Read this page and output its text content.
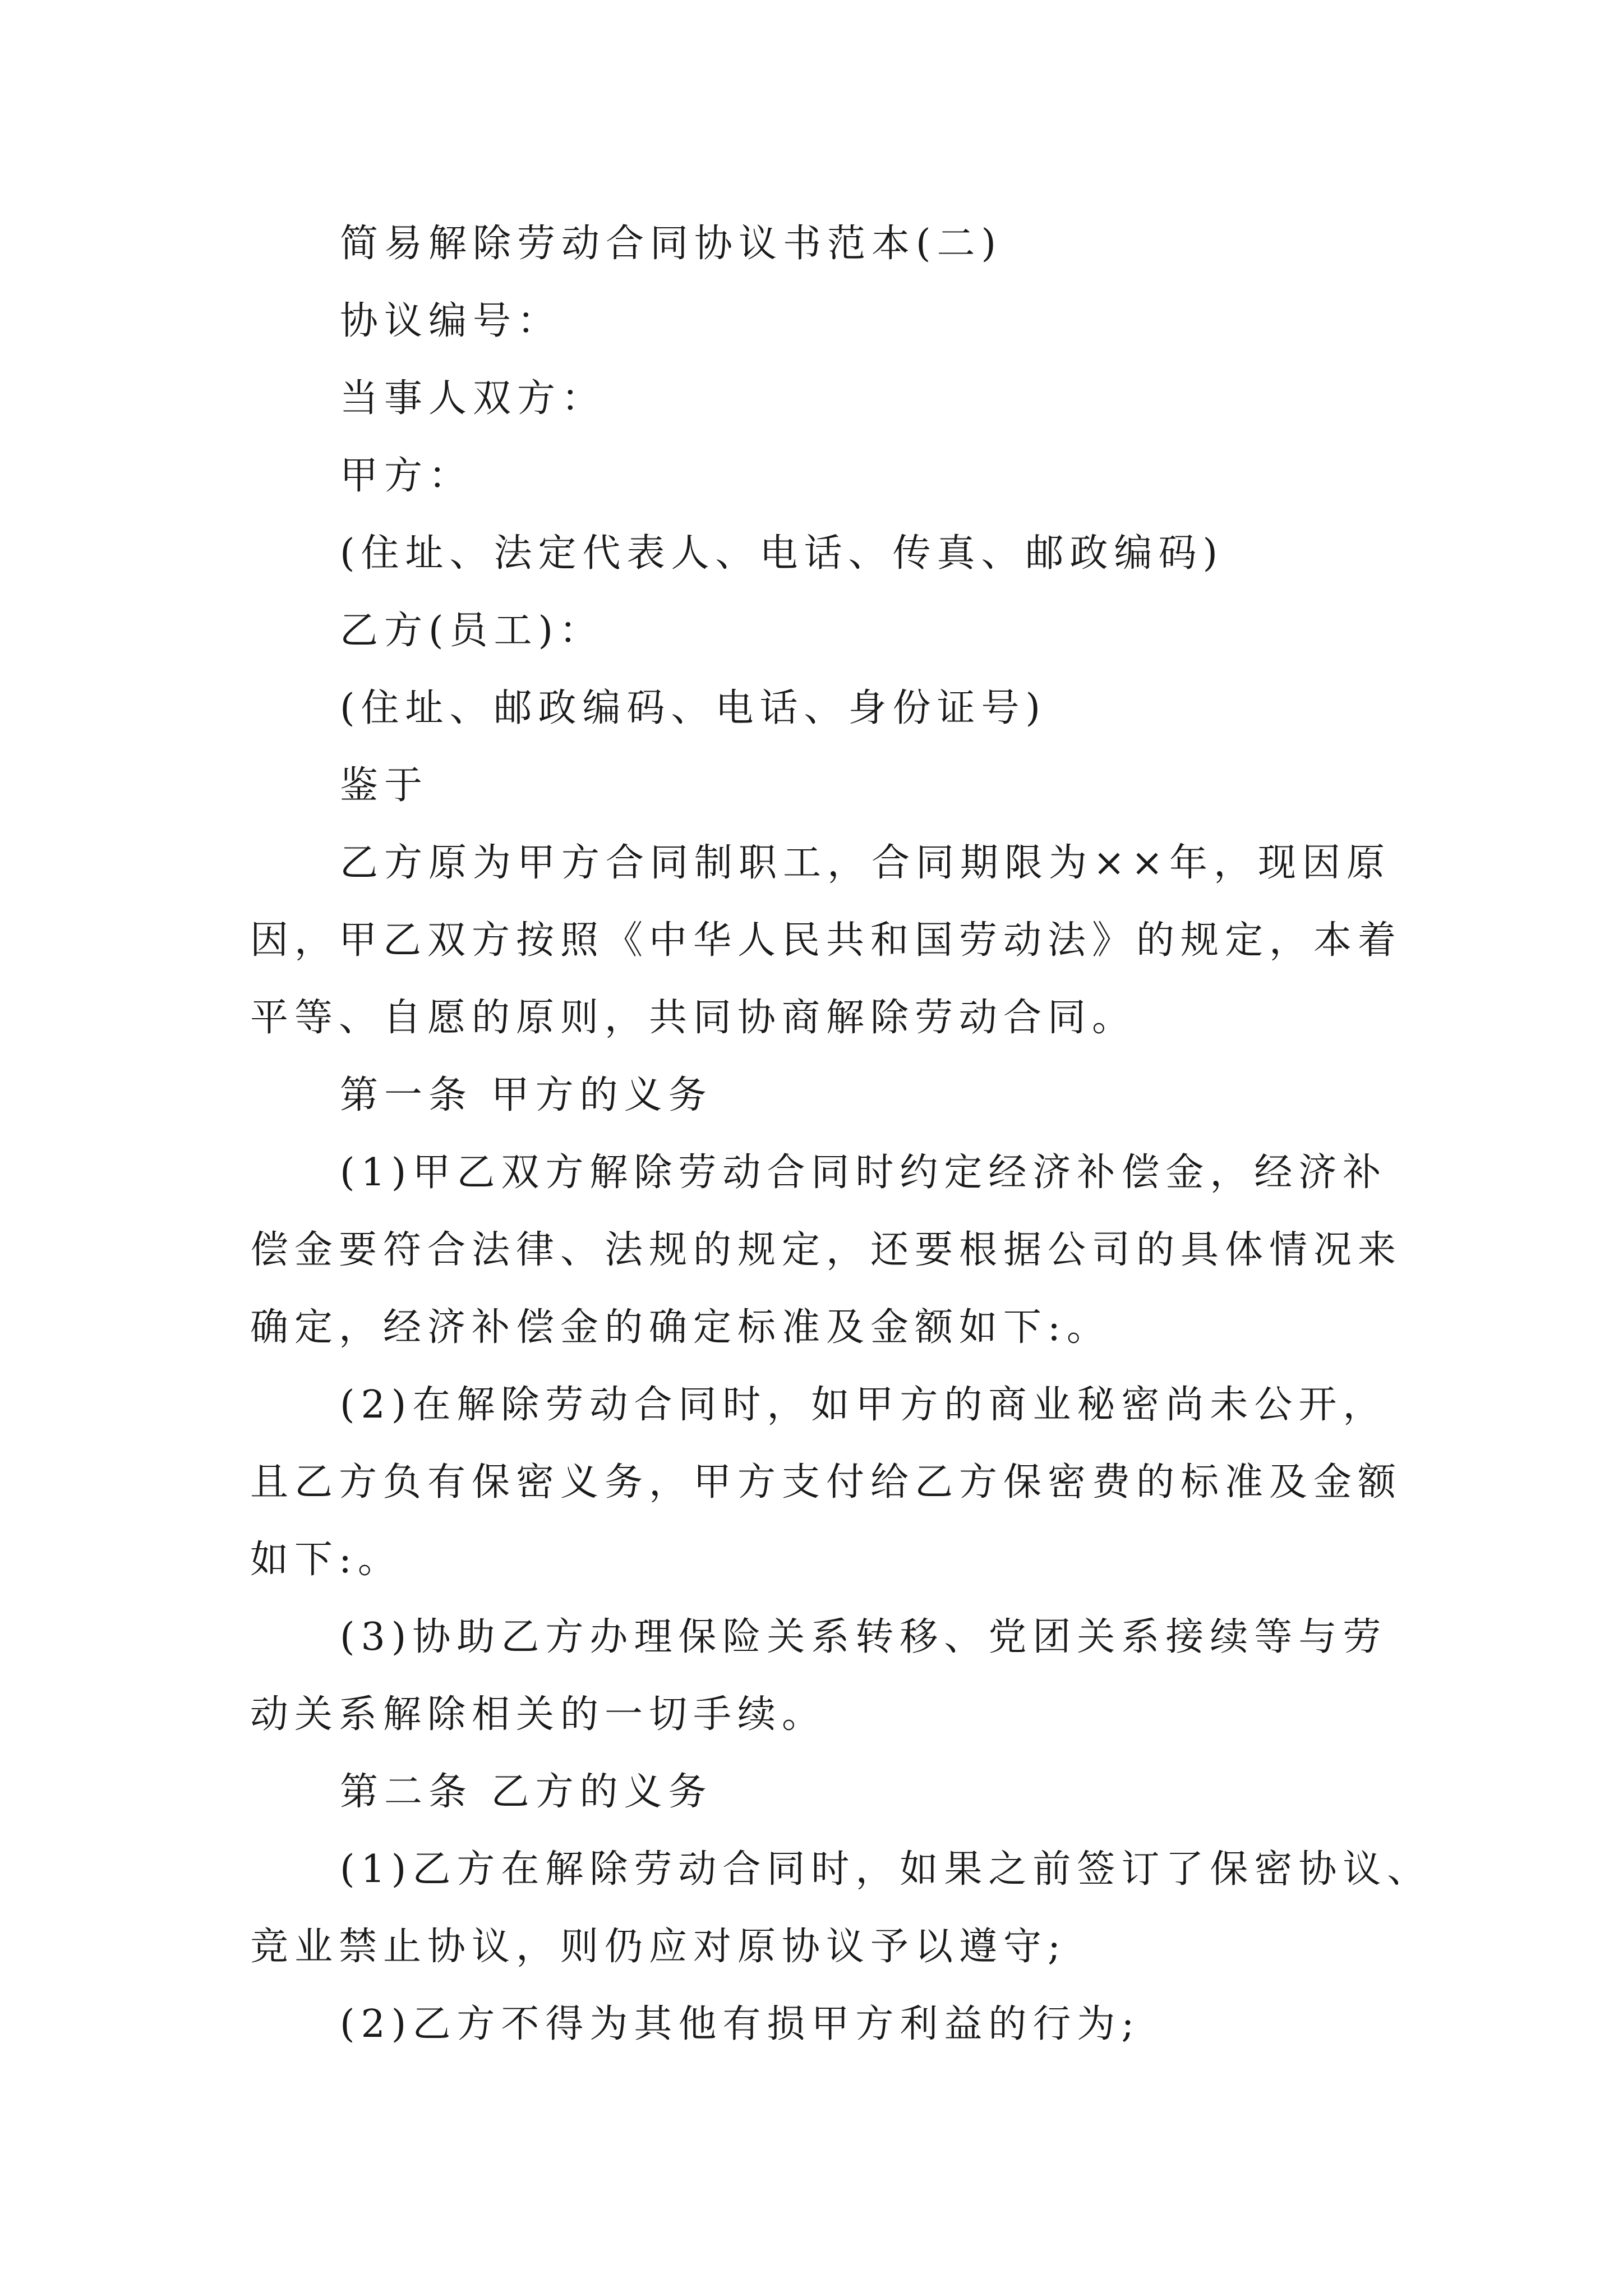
简易解除劳动合同协议书范本(二)

协议编号：

当事人双方：

甲方：

(住址、法定代表人、电话、传真、邮政编码)

乙方(员工)：

(住址、邮政编码、电话、身份证号)

鉴于

乙方原为甲方合同制职工，合同期限为××年，现因原
因，甲乙双方按照《中华人民共和国劳动法》的规定，本着
平等、自愿的原则，共同协商解除劳动合同。

第一条 甲方的义务

(1)甲乙双方解除劳动合同时约定经济补偿金，经济补
偿金要符合法律、法规的规定，还要根据公司的具体情况来
确定，经济补偿金的确定标准及金额如下:。

(2)在解除劳动合同时，如甲方的商业秘密尚未公开，
且乙方负有保密义务，甲方支付给乙方保密费的标准及金额
如下:。

(3)协助乙方办理保险关系转移、党团关系接续等与劳
动关系解除相关的一切手续。

第二条 乙方的义务

(1)乙方在解除劳动合同时，如果之前签订了保密协议、
竞业禁止协议，则仍应对原协议予以遵守;

(2)乙方不得为其他有损甲方利益的行为;
